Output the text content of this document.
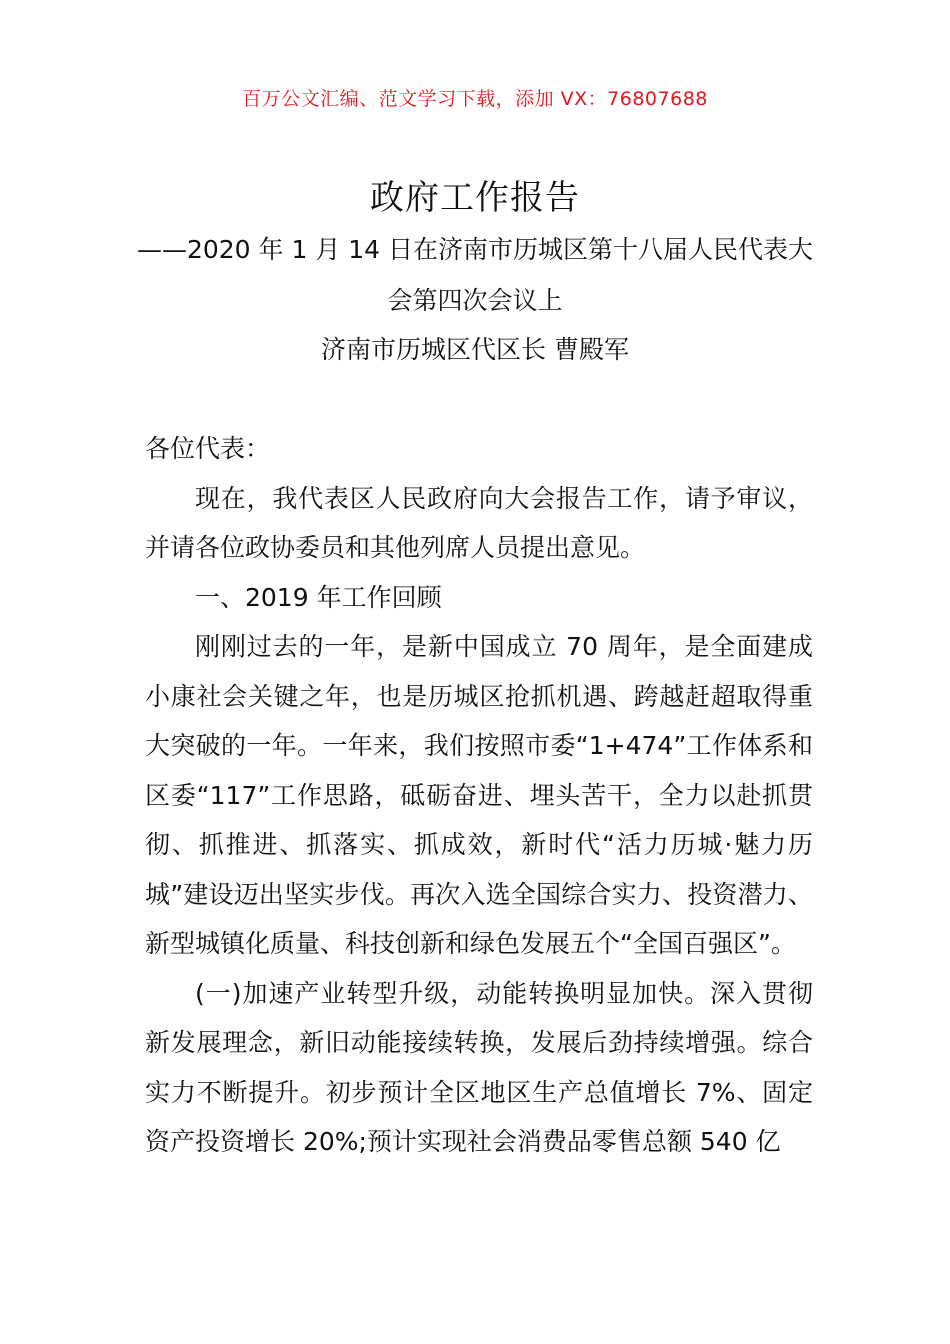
百万公文汇编、范文学习下载，添加 VX：76807688
政府工作报告
——2020 年 1 月 14 日在济南市历城区第十八届人民代表大
会第四次会议上
济南市历城区代区长 曹殿军

各位代表：

现在，我代表区人民政府向大会报告工作，请予审议，并请各位政协委员和其他列席人员提出意见。

一、2019 年工作回顾

刚刚过去的一年，是新中国成立 70 周年，是全面建成小康社会关键之年，也是历城区抢抓机遇、跨越赶超取得重大突破的一年。一年来，我们按照市委“1+474”工作体系和区委“117”工作思路，砥砺奋进、埋头苦干，全力以赴抓贯彻、抓推进、抓落实、抓成效，新时代“活力历城·魅力历城”建设迈出坚实步伐。再次入选全国综合实力、投资潜力、新型城镇化质量、科技创新和绿色发展五个“全国百强区”。

(一)加速产业转型升级，动能转换明显加快。深入贯彻新发展理念，新旧动能接续转换，发展后劲持续增强。综合实力不断提升。初步预计全区地区生产总值增长 7%、固定资产投资增长 20%;预计实现社会消费品零售总额 540 亿
